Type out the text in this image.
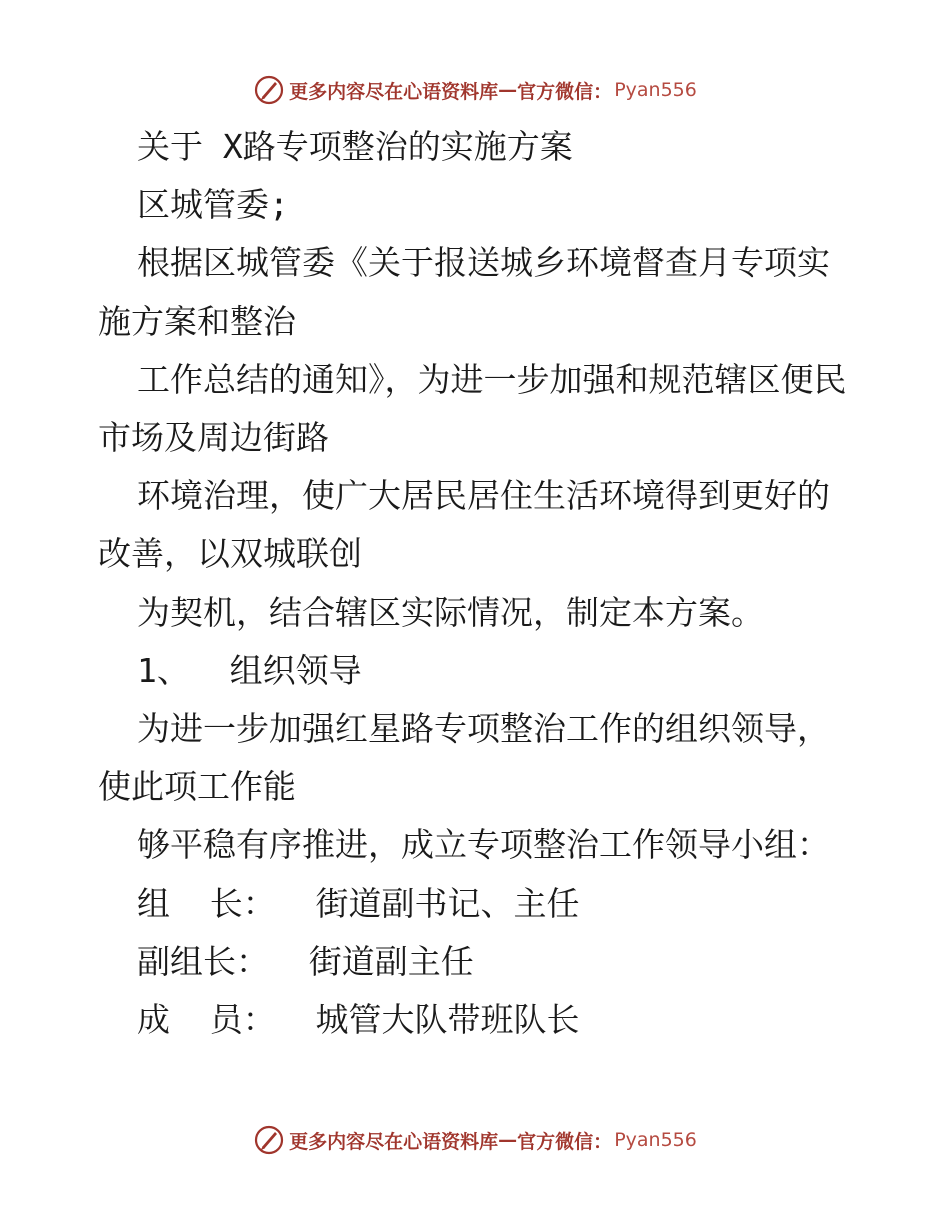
更多内容尽在心语资料库 — 官方微信： Pyan556

关于 X路专项整治的实施方案

区城管委;

根据区城管委《关于报送城乡环境督查月专项实施方案和整治

工作总结的通知》，为进一步加强和规范辖区便民市场及周边街路

环境治理，使广大居民居住生活环境得到更好的改善，以双城联创

为契机，结合辖区实际情况，制定本方案。

1、  组织领导

为进一步加强红星路专项整治工作的组织领导，使此项工作能

够平稳有序推进，成立专项整治工作领导小组：

组  长：  街道副书记、主任

副组长：  街道副主任

成  员：  城管大队带班队长

更多内容尽在心语资料库 — 官方微信： Pyan556
